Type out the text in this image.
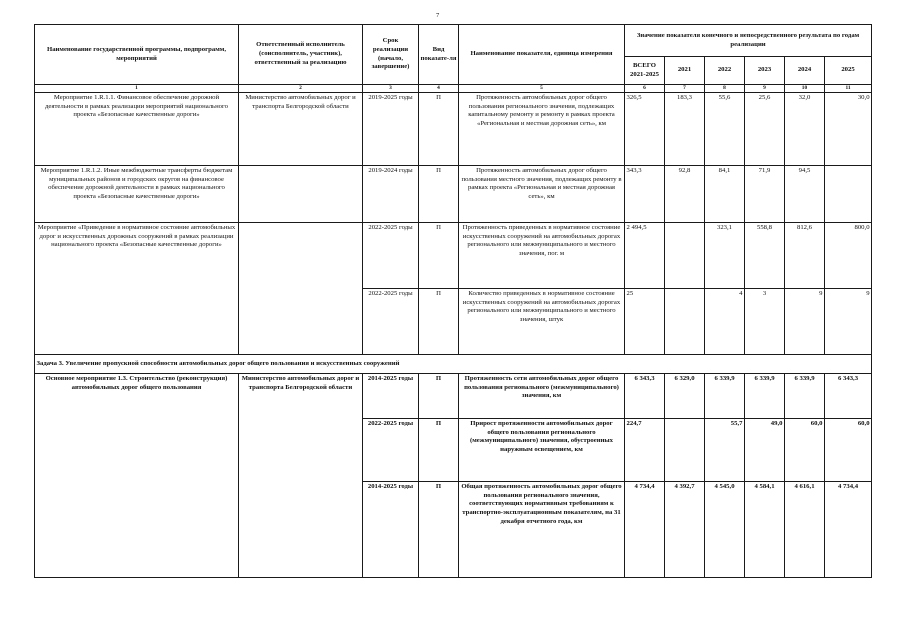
7
Наименование государственной программы, подпрограмм, мероприятий	Ответственный исполнитель (соисполнитель, участник), ответственный за реализацию	Срок реализации (начало, завершение)	Вид показате-ля	Наименование показателя, единица измерения	Значение показателя конечного и непосредственного результата по годам реализации					
					ВСЕГО 2021-2025	2021	2022	2023	2024	2025
1	2	3	4	5	6	7	8	9	10	11
Мероприятие 1.R.1.1. Финансовое обеспечение дорожной деятельности в рамках реализации мероприятий национального проекта «Безопасные качественные дороги»	Министерство автомобильных дорог и транспорта Белгородской области	2019-2025 годы	П	Протяженность автомобильных дорог общего пользования регионального значения, подлежащих капитальному ремонту и ремонту в рамках проекта «Региональная и местная дорожная сеть», км	326,5	183,3	55,6	25,6	32,0	30,0
Мероприятие 1.R.1.2. Иные межбюджетные трансферты бюджетам муниципальных районов и городских округов на финансовое обеспечение дорожной деятельности в рамках национального проекта «Безопасные качественные дороги»		2019-2024 годы	П	Протяженность автомобильных дорог общего пользования местного значения, подлежащих ремонту в рамках проекта «Региональная и местная дорожная сеть», км	343,3	92,8	84,1	71,9	94,5	
Мероприятие «Приведение в нормативное состояние автомобильных дорог и искусственных дорожных сооружений в рамках реализации национального проекта «Безопасные качественные дороги»		2022-2025 годы	П	Протяженность приведенных в нормативное состояние искусственных сооружений на автомобильных дорогах регионального или межмуниципального и местного значения, пог. м	2 494,5		323,1	558,8	812,6	800,0
		2022-2025 годы	П	Количество приведенных в нормативное состояние искусственных сооружений на автомобильных дорогах регионального или межмуниципального и местного значения, штук	25		4	3	9	9
Задача 3. Увеличение пропускной способности автомобильных дорог общего пользования и искусственных сооружений										
Основное мероприятие 1.3. Строительство (реконструкция) автомобильных дорог общего пользования	Министерство автомобильных дорог и транспорта Белгородской области	2014-2025 годы	П	Протяженность сети автомобильных дорог общего пользования регионального (межмуниципального) значения, км	6 343,3	6 329,0	6 339,9	6 339,9	6 339,9	6 343,3
		2022-2025 годы	П	Прирост протяженности автомобильных дорог общего пользования регионального (межмуниципального) значения, обустроенных наружным освещением, км	224,7		55,7	49,0	60,0	60,0
		2014-2025 годы	П	Общая протяженность автомобильных дорог общего пользования регионального значения, соответствующих нормативным требованиям к транспортно-эксплуатационным показателям, на 31 декабря отчетного года, км	4 734,4	4 392,7	4 545,0	4 584,1	4 616,1	4 734,4
